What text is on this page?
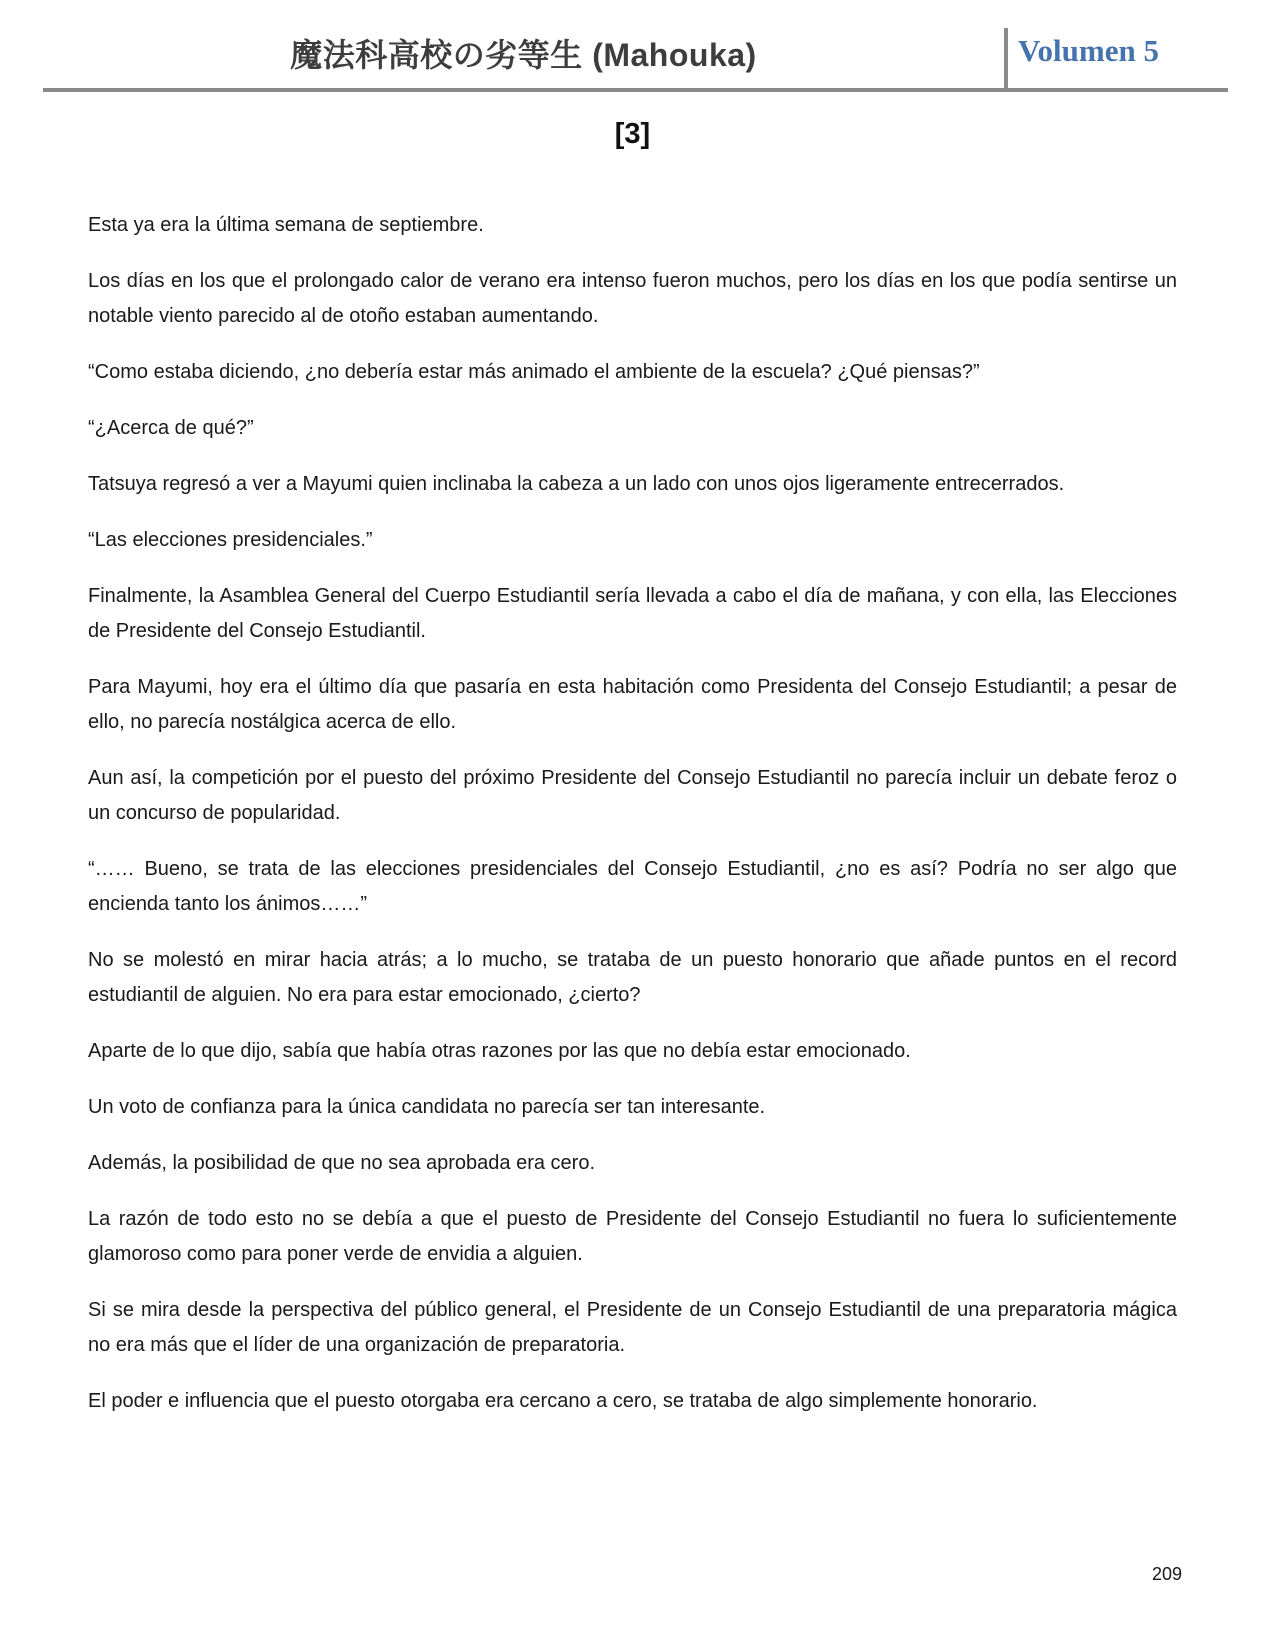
魔法科高校の劣等生 (Mahouka)	Volumen 5
[3]

Esta ya era la última semana de septiembre.

Los días en los que el prolongado calor de verano era intenso fueron muchos, pero los días en los que podía sentirse un notable viento parecido al de otoño estaban aumentando.

“Como estaba diciendo, ¿no debería estar más animado el ambiente de la escuela? ¿Qué piensas?”

“¿Acerca de qué?”

Tatsuya regresó a ver a Mayumi quien inclinaba la cabeza a un lado con unos ojos ligeramente entrecerrados.

“Las elecciones presidenciales.”

Finalmente, la Asamblea General del Cuerpo Estudiantil sería llevada a cabo el día de mañana, y con ella, las Elecciones de Presidente del Consejo Estudiantil.

Para Mayumi, hoy era el último día que pasaría en esta habitación como Presidenta del Consejo Estudiantil; a pesar de ello, no parecía nostálgica acerca de ello.

Aun así, la competición por el puesto del próximo Presidente del Consejo Estudiantil no parecía incluir un debate feroz o un concurso de popularidad.

“…… Bueno, se trata de las elecciones presidenciales del Consejo Estudiantil, ¿no es así? Podría no ser algo que encienda tanto los ánimos……”

No se molestó en mirar hacia atrás; a lo mucho, se trataba de un puesto honorario que añade puntos en el record estudiantil de alguien. No era para estar emocionado, ¿cierto?

Aparte de lo que dijo, sabía que había otras razones por las que no debía estar emocionado.

Un voto de confianza para la única candidata no parecía ser tan interesante.

Además, la posibilidad de que no sea aprobada era cero.

La razón de todo esto no se debía a que el puesto de Presidente del Consejo Estudiantil no fuera lo suficientemente glamoroso como para poner verde de envidia a alguien.

Si se mira desde la perspectiva del público general, el Presidente de un Consejo Estudiantil de una preparatoria mágica no era más que el líder de una organización de preparatoria.

El poder e influencia que el puesto otorgaba era cercano a cero, se trataba de algo simplemente honorario.

209
